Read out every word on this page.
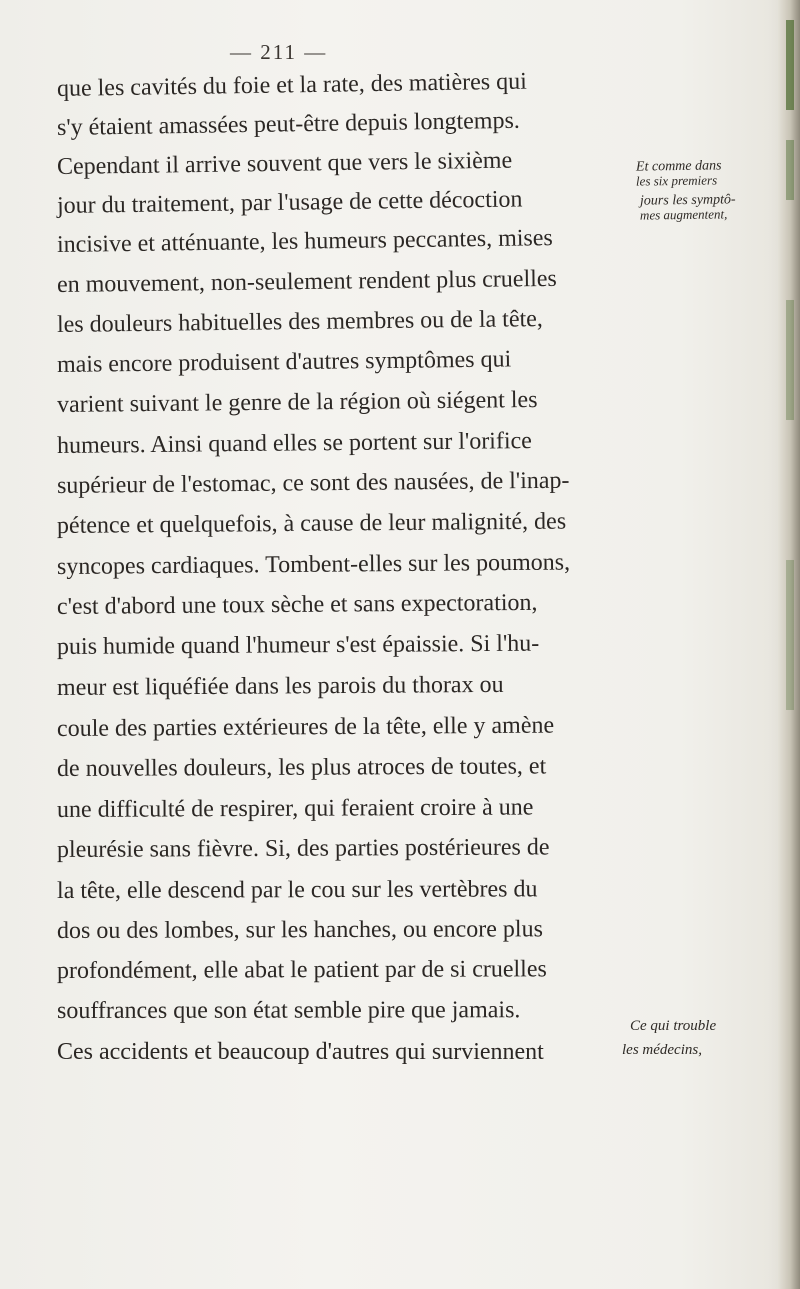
— 211 —
que les cavités du foie et la rate, des matières qui
s'y étaient amassées peut-être depuis longtemps.
Cependant il arrive souvent que vers le sixième
jour du traitement, par l'usage de cette décoction
incisive et atténuante, les humeurs peccantes, mises
en mouvement, non-seulement rendent plus cruelles
les douleurs habituelles des membres ou de la tête,
mais encore produisent d'autres symptômes qui
varient suivant le genre de la région où siégent les
humeurs. Ainsi quand elles se portent sur l'orifice
supérieur de l'estomac, ce sont des nausées, de l'inap-
pétence et quelquefois, à cause de leur malignité, des
syncopes cardiaques. Tombent-elles sur les poumons,
c'est d'abord une toux sèche et sans expectoration,
puis humide quand l'humeur s'est épaissie. Si l'hu-
meur est liquéfiée dans les parois du thorax ou
coule des parties extérieures de la tête, elle y amène
de nouvelles douleurs, les plus atroces de toutes, et
une difficulté de respirer, qui feraient croire à une
pleurésie sans fièvre. Si, des parties postérieures de
la tête, elle descend par le cou sur les vertèbres du
dos ou des lombes, sur les hanches, ou encore plus
profondément, elle abat le patient par de si cruelles
souffrances que son état semble pire que jamais.
Ces accidents et beaucoup d'autres qui surviennent
Et comme dans
les six premiers
jours les symptô-
mes augmentent,
Ce qui trouble
les médecins,
